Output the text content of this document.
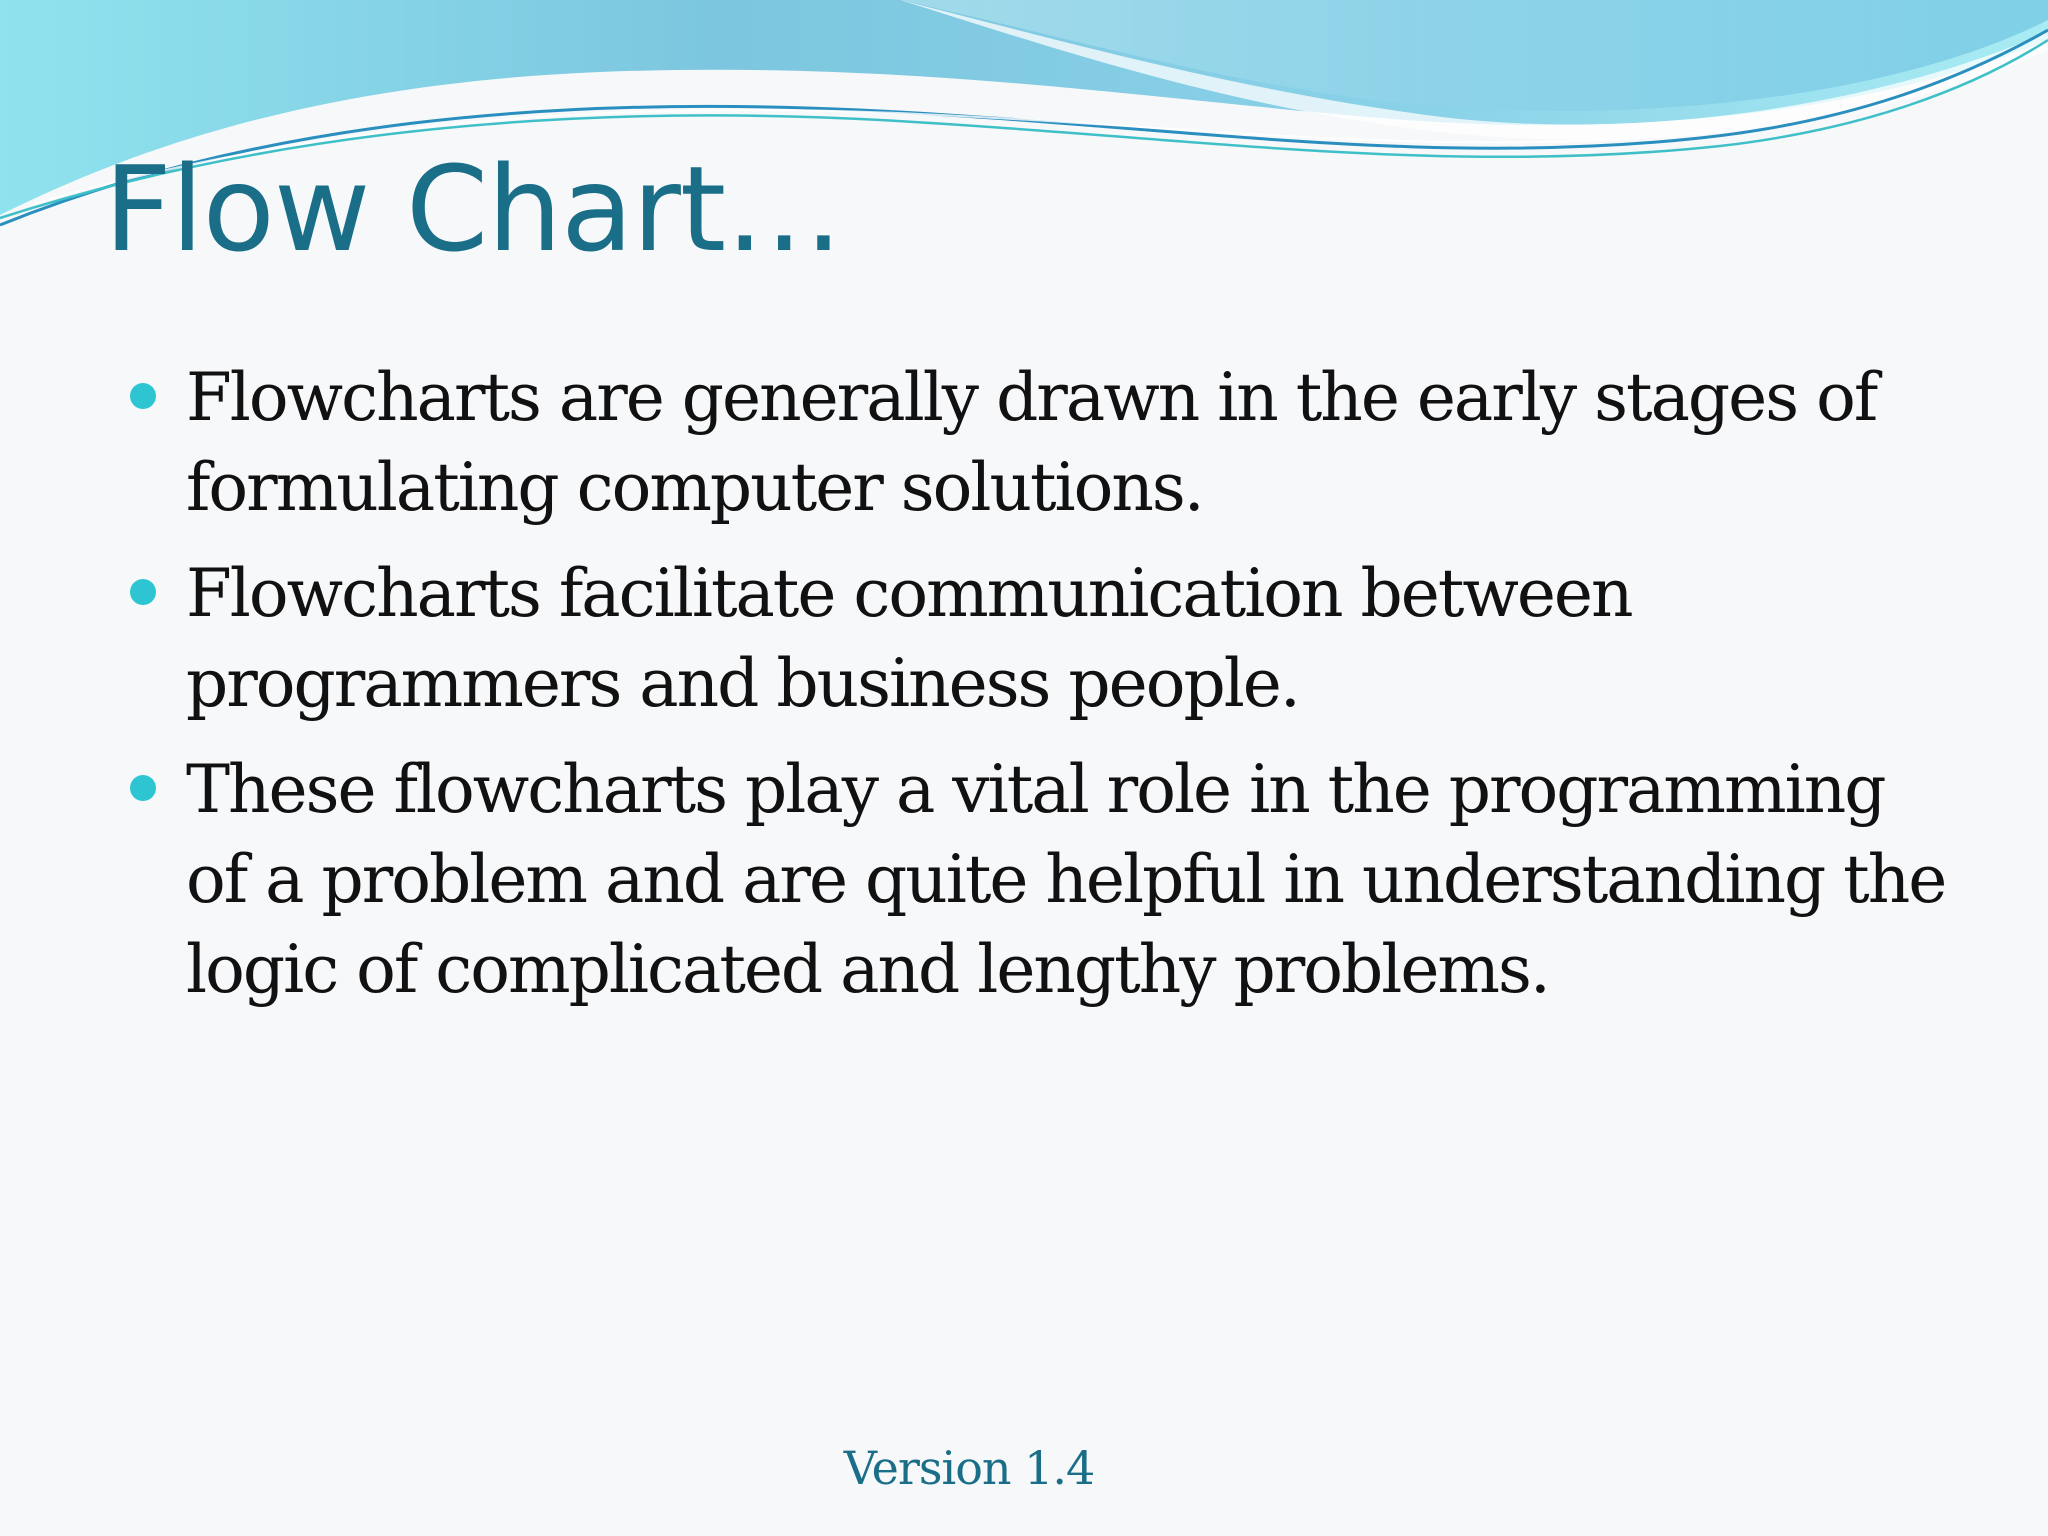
Flow Chart…
Flowcharts are generally drawn in the early stages of formulating computer solutions.
Flowcharts facilitate communication between programmers and business people.
These flowcharts play a vital role in the programming of a problem and are quite helpful in understanding the logic of complicated and lengthy problems.
Version 1.4
